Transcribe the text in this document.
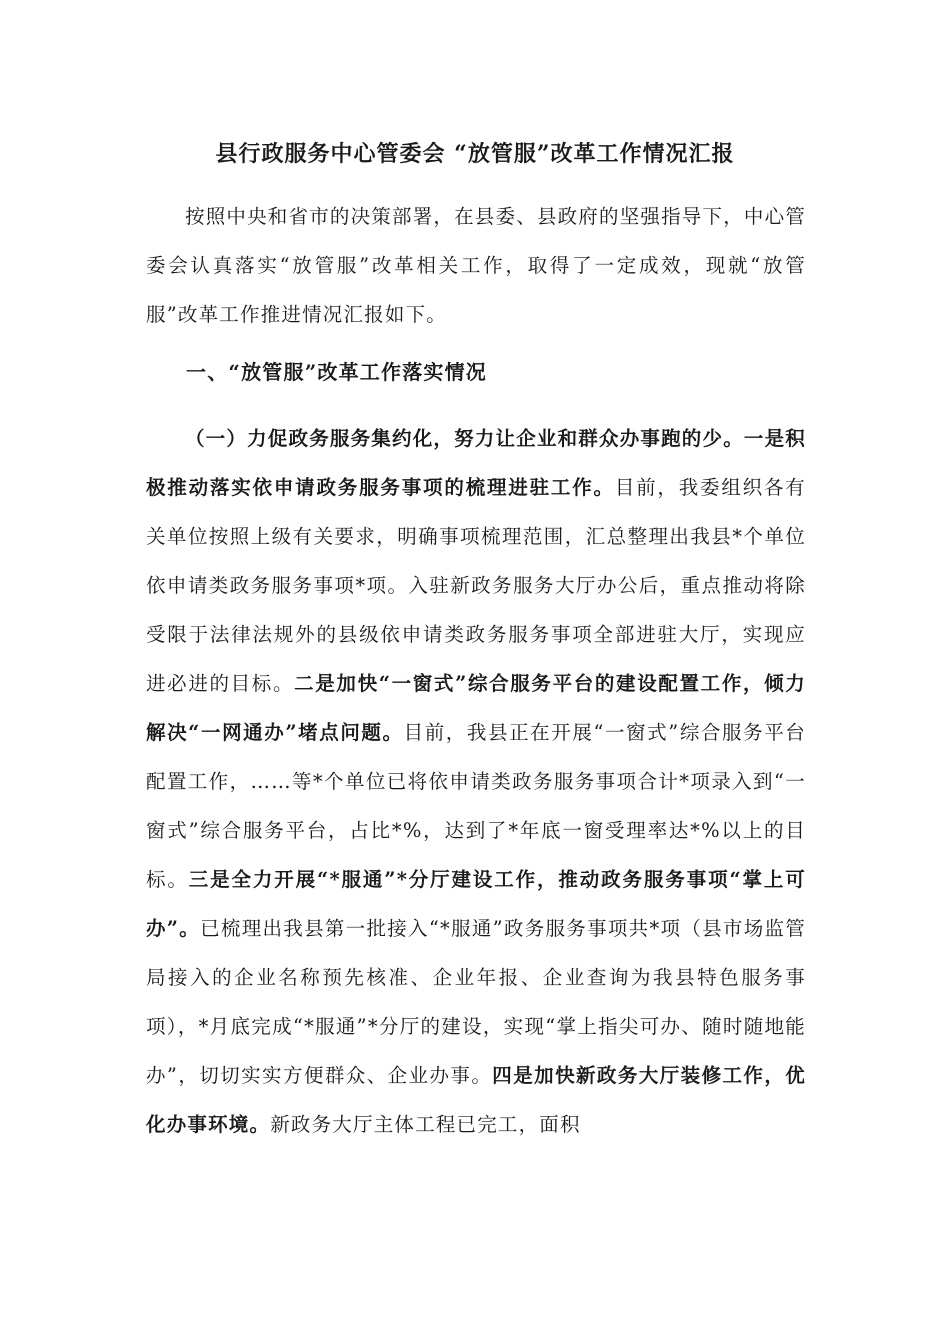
县行政服务中心管委会 “放管服”改革工作情况汇报

按照中央和省市的决策部署，在县委、县政府的坚强指导下，中心管委会认真落实“放管服”改革相关工作，取得了一定成效，现就“放管服”改革工作推进情况汇报如下。

一、“放管服”改革工作落实情况

（一）力促政务服务集约化，努力让企业和群众办事跑的少。一是积极推动落实依申请政务服务事项的梳理进驻工作。目前，我委组织各有关单位按照上级有关要求，明确事项梳理范围，汇总整理出我县*个单位依申请类政务服务事项*项。入驻新政务服务大厅办公后，重点推动将除受限于法律法规外的县级依申请类政务服务事项全部进驻大厅，实现应进必进的目标。二是加快“一窗式”综合服务平台的建设配置工作，倾力解决“一网通办”堵点问题。目前，我县正在开展“一窗式”综合服务平台配置工作，……等*个单位已将依申请类政务服务事项合计*项录入到“一窗式”综合服务平台，占比*%，达到了*年底一窗受理率达*%以上的目标。三是全力开展“*服通”*分厅建设工作，推动政务服务事项“掌上可办”。已梳理出我县第一批接入“*服通”政务服务事项共*项（县市场监管局接入的企业名称预先核准、企业年报、企业查询为我县特色服务事项），*月底完成“*服通”*分厅的建设，实现“掌上指尖可办、随时随地能办”，切切实实方便群众、企业办事。四是加快新政务大厅装修工作，优化办事环境。新政务大厅主体工程已完工，面积
